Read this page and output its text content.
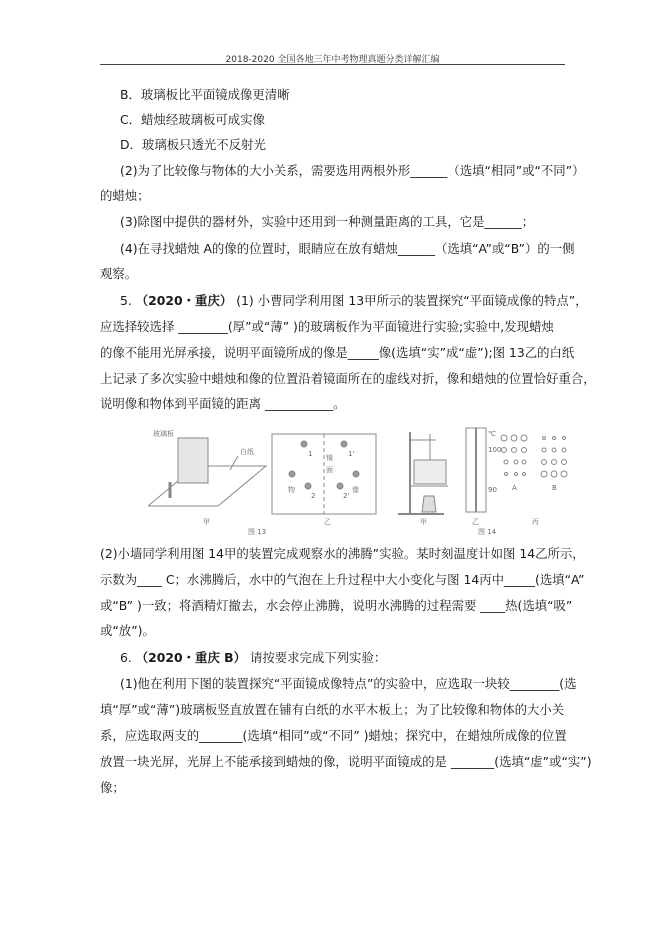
2018-2020 全国各地三年中考物理真题分类详解汇编
B．玻璃板比平面镜成像更清晰
C．蜡烛经玻璃板可成实像
D．玻璃板只透光不反射光
(2)为了比较像与物体的大小关系，需要选用两根外形______（选填“相同”或“不同”）
的蜡烛；
(3)除图中提供的器材外，实验中还用到一种测量距离的工具，它是______；
(4)在寻找蜡烛 A的像的位置时，眼睛应在放有蜡烛______（选填“A”或“B”）的一侧
观察。
5. （2020・重庆） (1) 小曹同学利用图 13甲所示的装置探究“平面镜成像的特点”，
应选择较选择 ________(厚”或“薄” )的玻璃板作为平面镜进行实验;实验中,发现蜡烛
的像不能用光屏承接，说明平面镜所成的像是_____像(选填“实”成“虚”);图 13乙的白纸
上记录了多次实验中蜡烛和像的位置沿着镜面所在的虚线对折，像和蜡烛的位置恰好重合，
说明像和物体到平面镜的距离 ___________。
玻璃板
白纸
镜
面
物	像
1
2
1'
2'
甲	乙
图 13
℃
100
90 A	B
甲	乙	丙
图 14
(2)小墙同学利用图 14甲的装置完成观察水的沸腾”实验。某时刻温度计如图 14乙所示，
示数为____ C；水沸腾后，水中的气泡在上升过程中大小变化与图 14丙中_____(选填“A”
或“B” )一致；将酒精灯撤去，水会停止沸腾，说明水沸腾的过程需要 ____热(选填“吸”
或“放”)。
6. （2020・重庆 B） 请按要求完成下列实验：
(1)他在利用下图的装置探究“平面镜成像特点”的实验中，应选取一块较________(选
填“厚”或“薄”)玻璃板竖直放置在铺有白纸的水平木板上；为了比较像和物体的大小关
系，应选取两支的_______(选填“相同”或“不同” )蜡烛；探究中，在蜡烛所成像的位置
放置一块光屏，光屏上不能承接到蜡烛的像，说明平面镜成的是 _______(选填“虚”或“实”)
像；
